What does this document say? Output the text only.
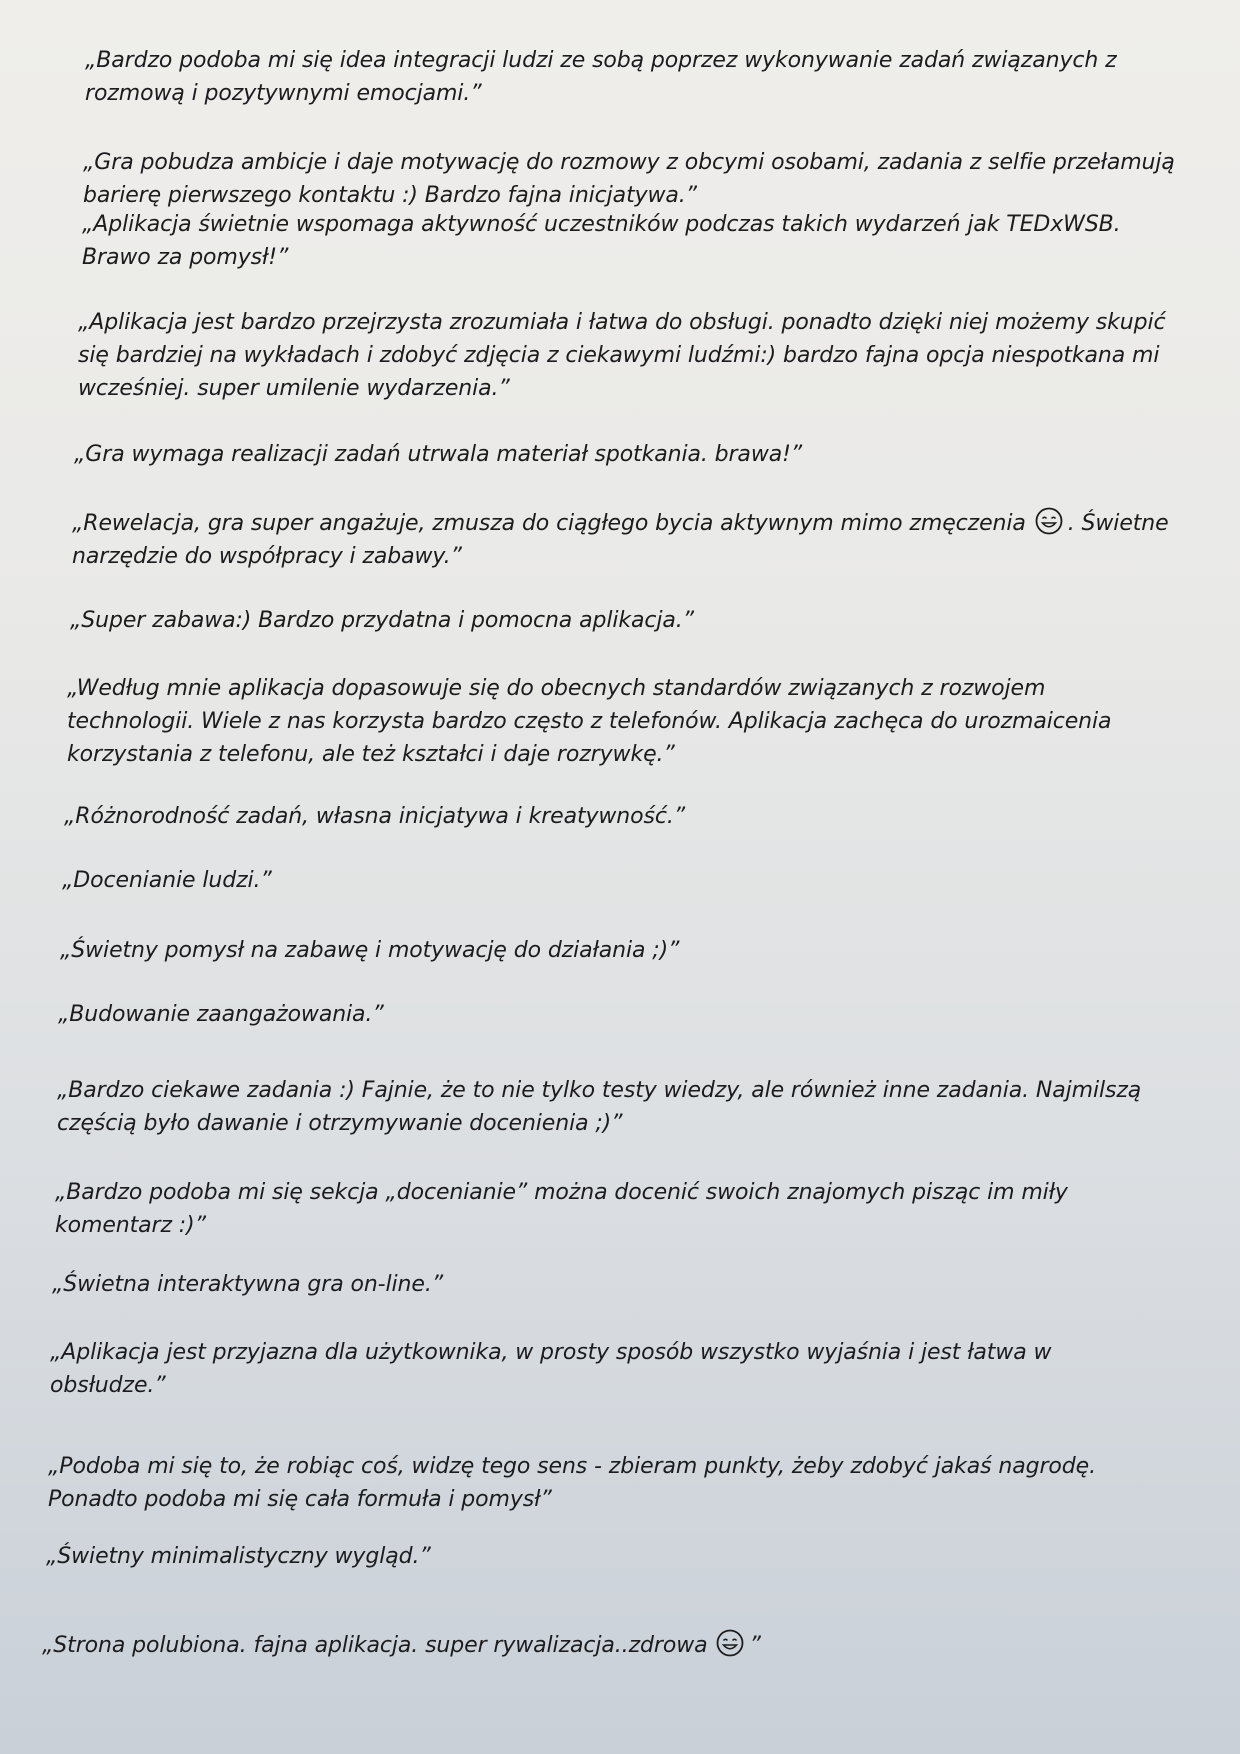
„Bardzo podoba mi się idea integracji ludzi ze sobą poprzez wykonywanie zadań związanych z rozmową i pozytywnymi emocjami.”

„Gra pobudza ambicje i daje motywację do rozmowy z obcymi osobami, zadania z selfie przełamują barierę pierwszego kontaktu :) Bardzo fajna inicjatywa.”

„Aplikacja świetnie wspomaga aktywność uczestników podczas takich wydarzeń jak TEDxWSB. Brawo za pomysł!”

„Aplikacja jest bardzo przejrzysta zrozumiała i łatwa do obsługi. ponadto dzięki niej możemy skupić się bardziej na wykładach i zdobyć zdjęcia z ciekawymi ludźmi:) bardzo fajna opcja niespotkana mi wcześniej. super umilenie wydarzenia.”

„Gra wymaga realizacji zadań utrwala materiał spotkania. brawa!”

„Rewelacja, gra super angażuje, zmusza do ciągłego bycia aktywnym mimo zmęczenia . Świetne narzędzie do współpracy i zabawy.”

„Super zabawa:) Bardzo przydatna i pomocna aplikacja.”

„Według mnie aplikacja dopasowuje się do obecnych standardów związanych z rozwojem technologii. Wiele z nas korzysta bardzo często z telefonów. Aplikacja zachęca do urozmaicenia korzystania z telefonu, ale też kształci i daje rozrywkę.”

„Różnorodność zadań, własna inicjatywa i kreatywność.”

„Docenianie ludzi.”

„Świetny pomysł na zabawę i motywację do działania ;)”

„Budowanie zaangażowania.”

„Bardzo ciekawe zadania :) Fajnie, że to nie tylko testy wiedzy, ale również inne zadania. Najmilszą częścią było dawanie i otrzymywanie docenienia ;)”

„Bardzo podoba mi się sekcja „docenianie” można docenić swoich znajomych pisząc im miły komentarz :)”

„Świetna interaktywna gra on-line.”

„Aplikacja jest przyjazna dla użytkownika, w prosty sposób wszystko wyjaśnia i jest łatwa w obsłudze.”

„Podoba mi się to, że robiąc coś, widzę tego sens - zbieram punkty, żeby zdobyć jakaś nagrodę. Ponadto podoba mi się cała formuła i pomysł”

„Świetny minimalistyczny wygląd.”

„Strona polubiona. fajna aplikacja. super rywalizacja..zdrowa ”
